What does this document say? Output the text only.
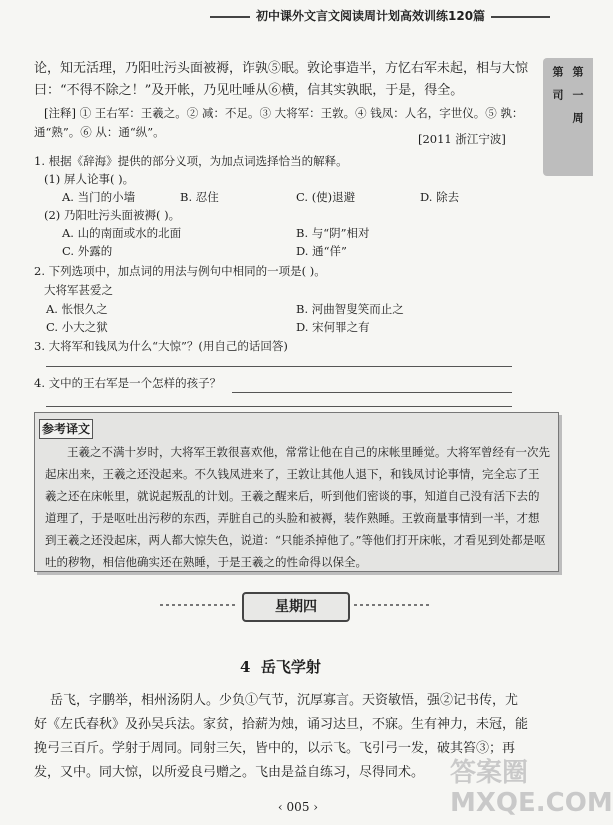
初中课外文言文阅读周计划高效训练120篇
第一周
第司
论，知无活理，乃阳吐污头面被褥，诈孰⑤眠。敦论事造半，方忆右军未起，相与大惊
曰：“不得不除之！”及开帐，乃见吐唾从⑥横，信其实孰眠，于是，得全。
[注释] ① 王右军：王羲之。② 减：不足。③ 大将军：王敦。④ 钱凤：人名，字世仪。⑤ 孰：
通“熟”。⑥ 从：通“纵”。	[2011 浙江宁波]
1. 根据《辞海》提供的部分义项，为加点词选择恰当的解释。
(1) 屏人论事( )。
A. 当门的小墙	B. 忍住	C. (使)退避	D. 除去
(2) 乃阳吐污头面被褥( )。
A. 山的南面或水的北面	B. 与“阴”相对
C. 外露的	D. 通“佯”
2. 下列选项中，加点词的用法与例句中相同的一项是( )。
大将军甚爱之
A. 怅恨久之	B. 河曲智叟笑而止之
C. 小大之狱	D. 宋何罪之有
3. 大将军和钱凤为什么“大惊”？(用自己的话回答)
4. 文中的王右军是一个怎样的孩子？
参考译文
王羲之不满十岁时，大将军王敦很喜欢他，常常让他在自己的床帐里睡觉。大将军曾经有一次先起床出来，王羲之还没起来。不久钱凤进来了，王敦让其他人退下，和钱凤讨论事情，完全忘了王羲之还在床帐里，就说起叛乱的计划。王羲之醒来后，听到他们密谈的事，知道自己没有活下去的道理了，于是呕吐出污秽的东西，弄脏自己的头脸和被褥，装作熟睡。王敦商量事情到一半，才想到王羲之还没起床，两人都大惊失色，说道：“只能杀掉他了。”等他们打开床帐，才看见到处都是呕吐的秽物，相信他确实还在熟睡，于是王羲之的性命得以保全。
星期四
4  岳飞学射
岳飞，字鹏举，相州汤阴人。少负①气节，沉厚寡言。天资敏悟，强②记书传，尤
好《左氏春秋》及孙吴兵法。家贫，拾薪为烛，诵习达旦，不寐。生有神力，未冠，能
挽弓三百斤。学射于周同。同射三矢，皆中的，以示飞。飞引弓一发，破其笞③；再
发，又中。同大惊，以所爱良弓赠之。飞由是益自练习，尽得同术。
‹ 005 ›
答案圈 MXQE.COM
